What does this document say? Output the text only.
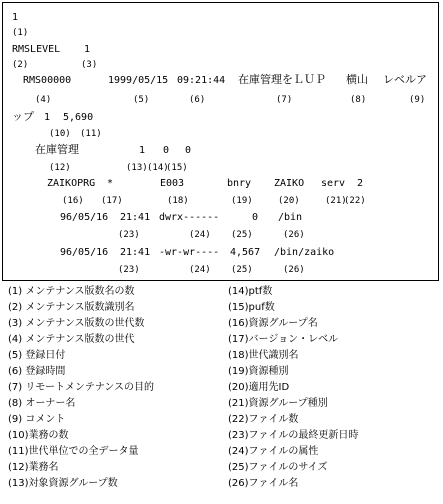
1
(1)
RMSLEVEL 1
(2)	(3)
RMS00000	1999/05/15 09:21:44 在庫管理をＬＵＰ 横山 レベルア
(4)	(5)	(6)	(7)	(8)	(9)
ップ 1 5,690
(10) (11)
在庫管理	1 0 0
(12)	(13) (14)
(15)
ZAIKOPRG *	E003	bnry ZAIKO serv 2
(16) (17)	(18)	(19)	(20)	(21)
(22)
96/05/16 21:41 dwrx------	0 /bin
(23)	(24) (25)	(26)
96/05/16 21:41 -wr-wr---- 4,567 /bin/zaiko
(23)	(24) (25)	(26)
(1) メンテナンス版数名の数
(2) メンテナンス版数識別名
(3) メンテナンス版数の世代数
(4) メンテナンス版数の世代
(5) 登録日付
(6) 登録時間
(7) リモートメンテナンスの目的
(8) オーナー名
(9) コメント
(10)業務の数
(11)世代単位での全データ量
(12)業務名
(13)対象資源グループ数
(14)ptf数
(15)puf数
(16)資源グループ名
(17)バージョン・レベル
(18)世代識別名
(19)資源種別
(20)適用先ID
(21)資源グループ種別
(22)ファイル数
(23)ファイルの最終更新日時
(24)ファイルの属性
(25)ファイルのサイズ
(26)ファイル名
